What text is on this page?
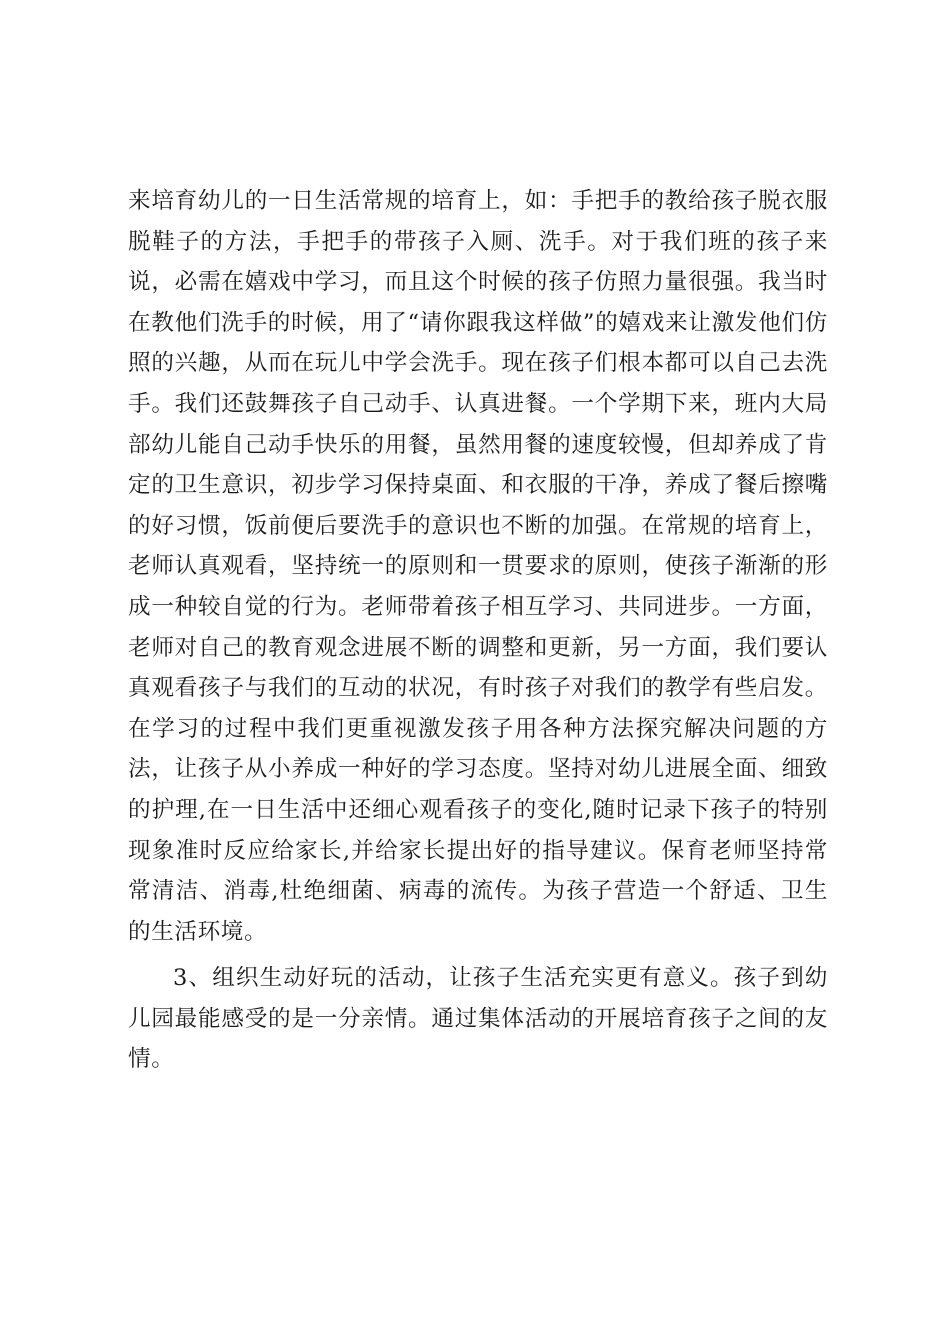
来培育幼儿的一日生活常规的培育上，如：手把手的教给孩子脱衣服脱鞋子的方法，手把手的带孩子入厕、洗手。对于我们班的孩子来说，必需在嬉戏中学习，而且这个时候的孩子仿照力量很强。我当时在教他们洗手的时候，用了“请你跟我这样做”的嬉戏来让激发他们仿照的兴趣，从而在玩儿中学会洗手。现在孩子们根本都可以自己去洗手。我们还鼓舞孩子自己动手、认真进餐。一个学期下来，班内大局部幼儿能自己动手快乐的用餐，虽然用餐的速度较慢，但却养成了肯定的卫生意识，初步学习保持桌面、和衣服的干净，养成了餐后擦嘴的好习惯，饭前便后要洗手的意识也不断的加强。在常规的培育上，老师认真观看，坚持统一的原则和一贯要求的原则，使孩子渐渐的形成一种较自觉的行为。老师带着孩子相互学习、共同进步。一方面，老师对自己的教育观念进展不断的调整和更新，另一方面，我们要认真观看孩子与我们的互动的状况，有时孩子对我们的教学有些启发。在学习的过程中我们更重视激发孩子用各种方法探究解决问题的方法，让孩子从小养成一种好的学习态度。坚持对幼儿进展全面、细致的护理,在一日生活中还细心观看孩子的变化,随时记录下孩子的特别现象准时反应给家长,并给家长提出好的指导建议。保育老师坚持常常清洁、消毒,杜绝细菌、病毒的流传。为孩子营造一个舒适、卫生的生活环境。

3、组织生动好玩的活动，让孩子生活充实更有意义。孩子到幼儿园最能感受的是一分亲情。通过集体活动的开展培育孩子之间的友情。
